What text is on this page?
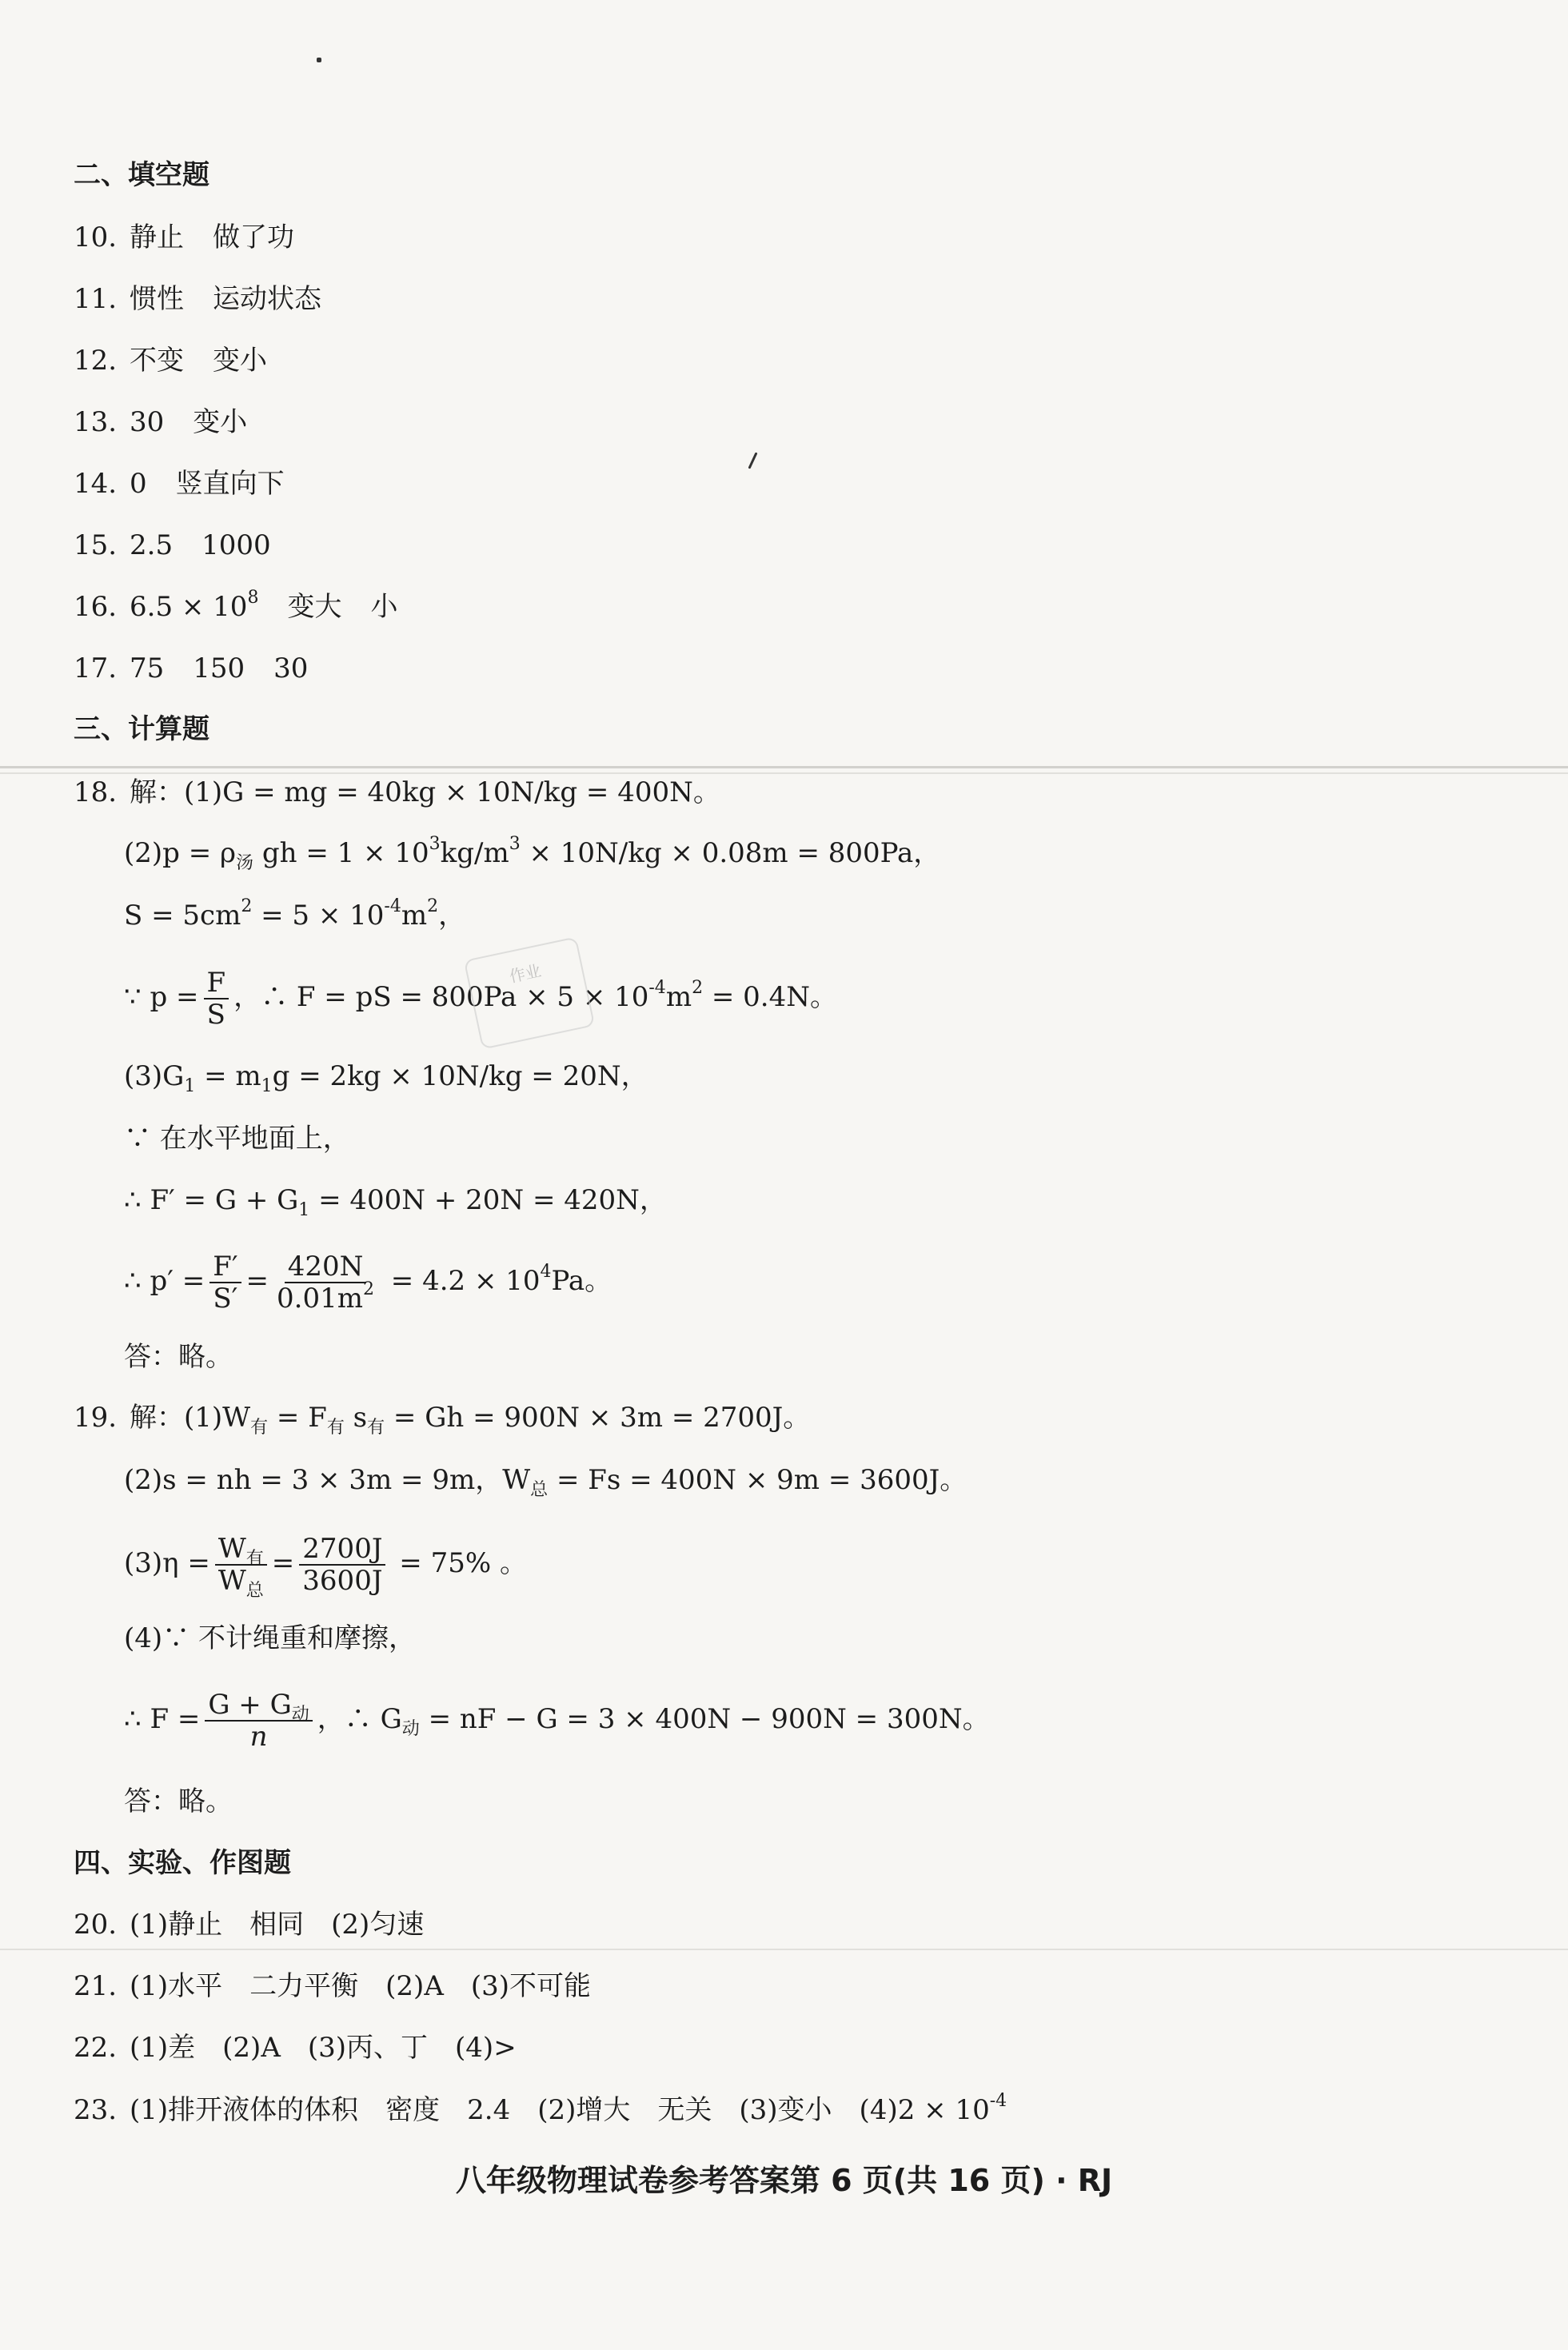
二、填空题
10. 静止 做了功
11. 惯性 运动状态
12. 不变 变小
13. 30 变小
14. 0 竖直向下
15. 2.5 1000
16. $6.5 \times 10^8$ 变大 小
17. 75 150 30
三、计算题
18. 解：(1)G = mg = 40kg × 10N/kg = 400N。
$(2)p = \rho_汤$ gh = $1 \times 10^3kg/m^3 \times 10N/kg \times 0.08m = 800Pa$，
$S = 5cm^2 = 5 \times 10^{-4}m^2$，
∵ $p = \frac{F}{S}$ ，∴ F = pS = $800Pa \times 5 \times 10^{-4}m^2 = 0.4N$。
作业
$(3)G_1 = m_1g = 2kg \times 10N/kg = 20N$，
∵ 在水平地面上，
∴ $F' = G + G_1 = 400N + 20N = 420N$，
∴ $p' = \frac{F'}{S'} = \frac{420N}{0.01m^2} = 4.2 \times 10^4Pa$。
答：略。
19. 解：$(1)W_有 = F_有$ $s_有 = Gh = 900N \times 3m = 2700J$。
(2)s = nh = 3 × 3m = 9m，$W_总 = Fs = 400N \times 9m = 3600J$。
$(3)\eta = \frac{W_有}{W_总} = \frac{2700J}{3600J} = 75\%$ 。
(4)∵ 不计绳重和摩擦，
∴ $F = \frac{G + G_动}{n}$ ，∴ $G_动$ = nF − G = 3 × 400N − 900N = 300N。
答：略。
四、实验、作图题
20. (1)静止　相同　(2)匀速
21. (1)水平　二力平衡　(2)A　(3)不可能
22. (1)差　(2)A　(3)丙、丁　(4)>
23. (1)排开液体的体积　密度　2.4　(2)增大　无关　(3)变小　$(4)2 \times 10^{-4}$
八年级物理试卷参考答案第 6 页(共 16 页) · RJ
